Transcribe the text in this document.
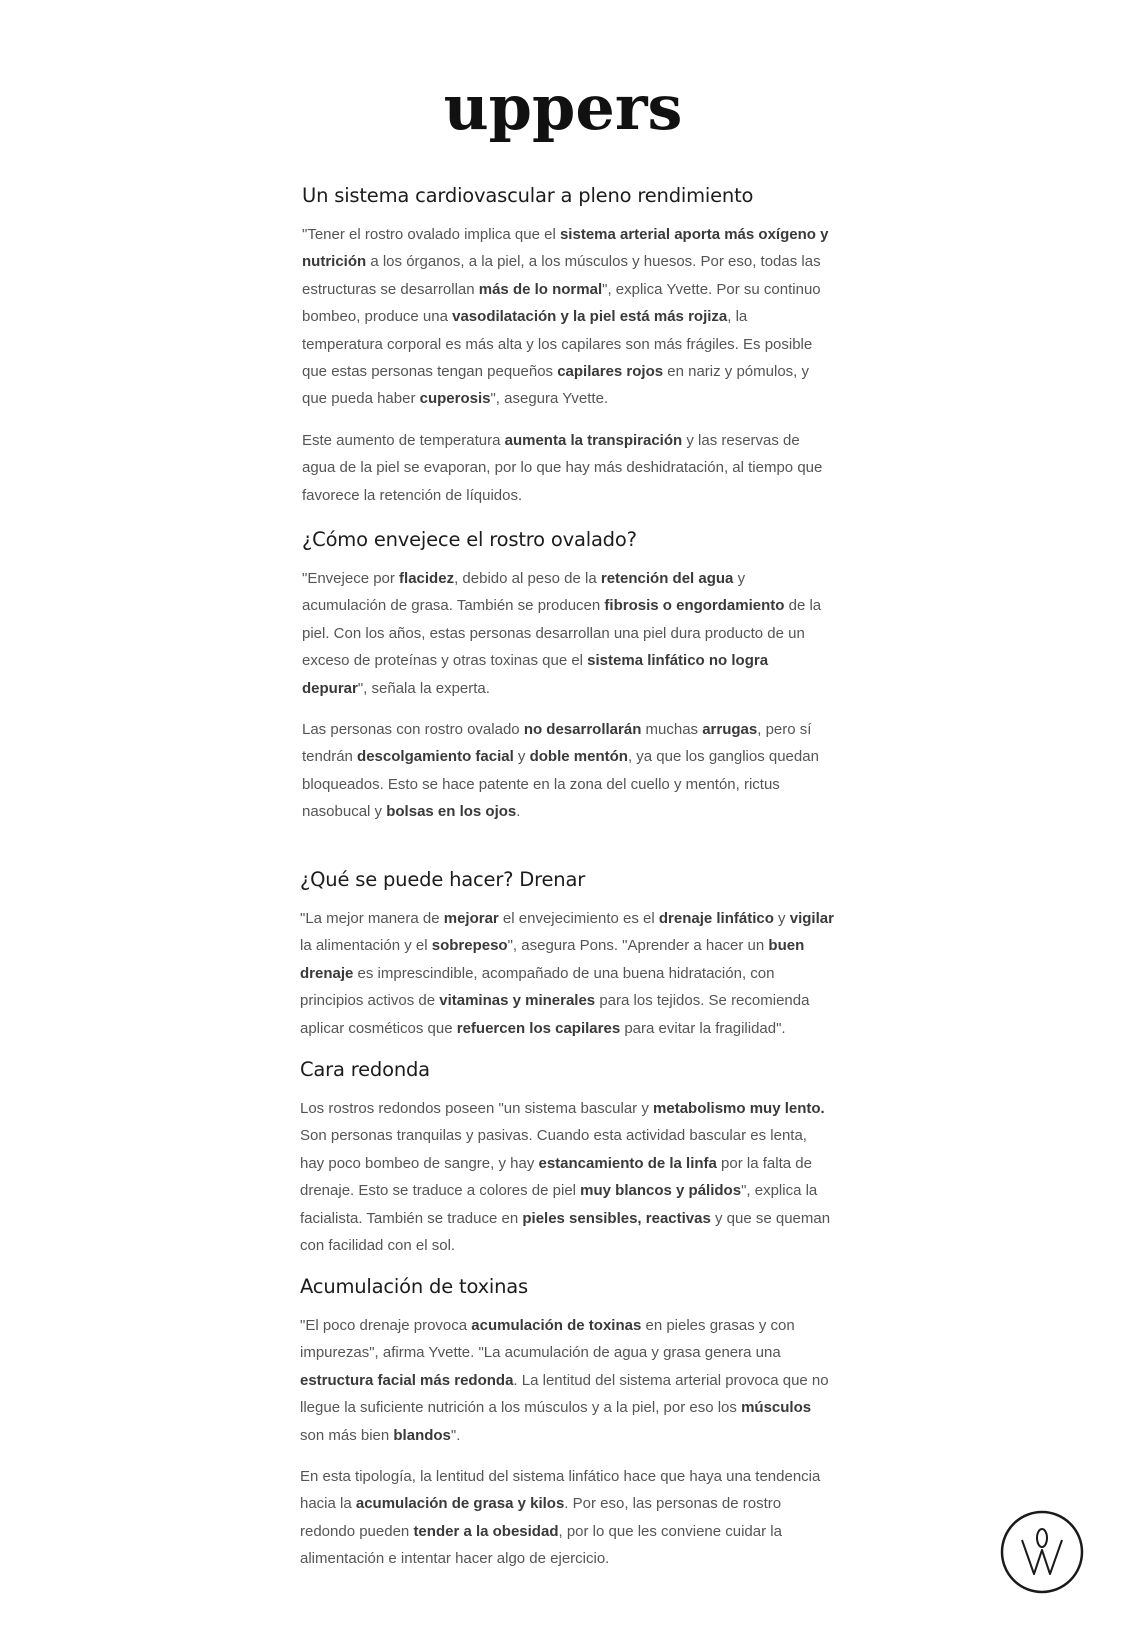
uppers
Un sistema cardiovascular a pleno rendimiento

"Tener el rostro ovalado implica que el sistema arterial aporta más oxígeno y nutrición a los órganos, a la piel, a los músculos y huesos. Por eso, todas las estructuras se desarrollan más de lo normal", explica Yvette. Por su continuo bombeo, produce una vasodilatación y la piel está más rojiza, la temperatura corporal es más alta y los capilares son más frágiles. Es posible que estas personas tengan pequeños capilares rojos en nariz y pómulos, y que pueda haber cuperosis", asegura Yvette.

Este aumento de temperatura aumenta la transpiración y las reservas de agua de la piel se evaporan, por lo que hay más deshidratación, al tiempo que favorece la retención de líquidos.

¿Cómo envejece el rostro ovalado?

"Envejece por flacidez, debido al peso de la retención del agua y acumulación de grasa. También se producen fibrosis o engordamiento de la piel. Con los años, estas personas desarrollan una piel dura producto de un exceso de proteínas y otras toxinas que el sistema linfático no logra depurar", señala la experta.

Las personas con rostro ovalado no desarrollarán muchas arrugas, pero sí tendrán descolgamiento facial y doble mentón, ya que los ganglios quedan bloqueados. Esto se hace patente en la zona del cuello y mentón, rictus nasobucal y bolsas en los ojos.

¿Qué se puede hacer? Drenar

"La mejor manera de mejorar el envejecimiento es el drenaje linfático y vigilar la alimentación y el sobrepeso", asegura Pons. "Aprender a hacer un buen drenaje es imprescindible, acompañado de una buena hidratación, con principios activos de vitaminas y minerales para los tejidos. Se recomienda aplicar cosméticos que refuercen los capilares para evitar la fragilidad".

Cara redonda

Los rostros redondos poseen "un sistema bascular y metabolismo muy lento. Son personas tranquilas y pasivas. Cuando esta actividad bascular es lenta, hay poco bombeo de sangre, y hay estancamiento de la linfa por la falta de drenaje. Esto se traduce a colores de piel muy blancos y pálidos", explica la facialista. También se traduce en pieles sensibles, reactivas y que se queman con facilidad con el sol.

Acumulación de toxinas

"El poco drenaje provoca acumulación de toxinas en pieles grasas y con impurezas", afirma Yvette. "La acumulación de agua y grasa genera una estructura facial más redonda. La lentitud del sistema arterial provoca que no llegue la suficiente nutrición a los músculos y a la piel, por eso los músculos son más bien blandos".

En esta tipología, la lentitud del sistema linfático hace que haya una tendencia hacia la acumulación de grasa y kilos. Por eso, las personas de rostro redondo pueden tender a la obesidad, por lo que les conviene cuidar la alimentación e intentar hacer algo de ejercicio.
